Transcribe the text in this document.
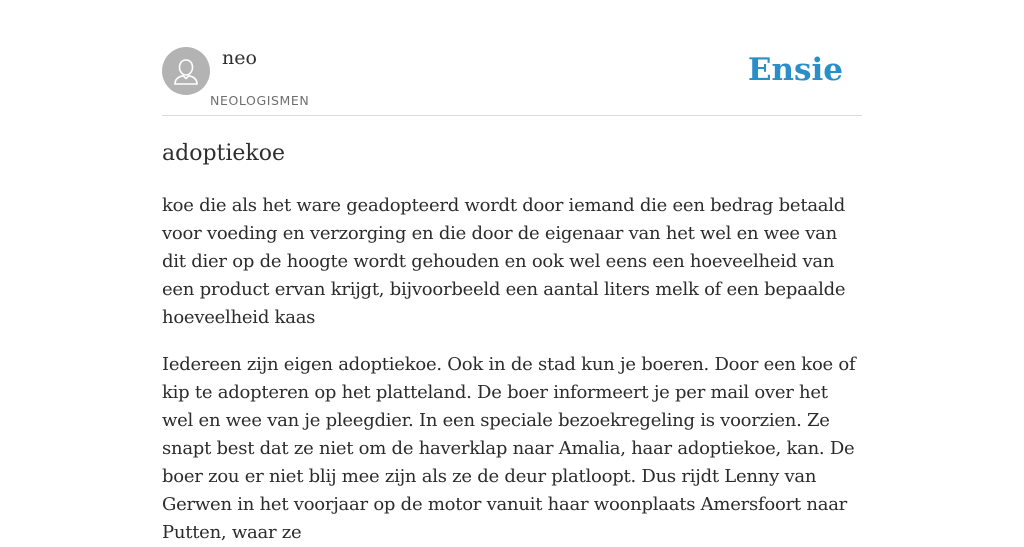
neo
NEOLOGISMEN
Ensie
adoptiekoe

koe die als het ware geadopteerd wordt door iemand die een bedrag betaald voor voeding en verzorging en die door de eigenaar van het wel en wee van dit dier op de hoogte wordt gehouden en ook wel eens een hoeveelheid van een product ervan krijgt, bijvoorbeeld een aantal liters melk of een bepaalde hoeveelheid kaas

Iedereen zijn eigen adoptiekoe. Ook in de stad kun je boeren. Door een koe of kip te adopteren op het platteland. De boer informeert je per mail over het wel en wee van je pleegdier. In een speciale bezoekregeling is voorzien. Ze snapt best dat ze niet om de haverklap naar Amalia, haar adoptiekoe, kan. De boer zou er niet blij mee zijn als ze de deur platloopt. Dus rijdt Lenny van Gerwen in het voorjaar op de motor vanuit haar woonplaats Amersfoort naar Putten, waar ze
